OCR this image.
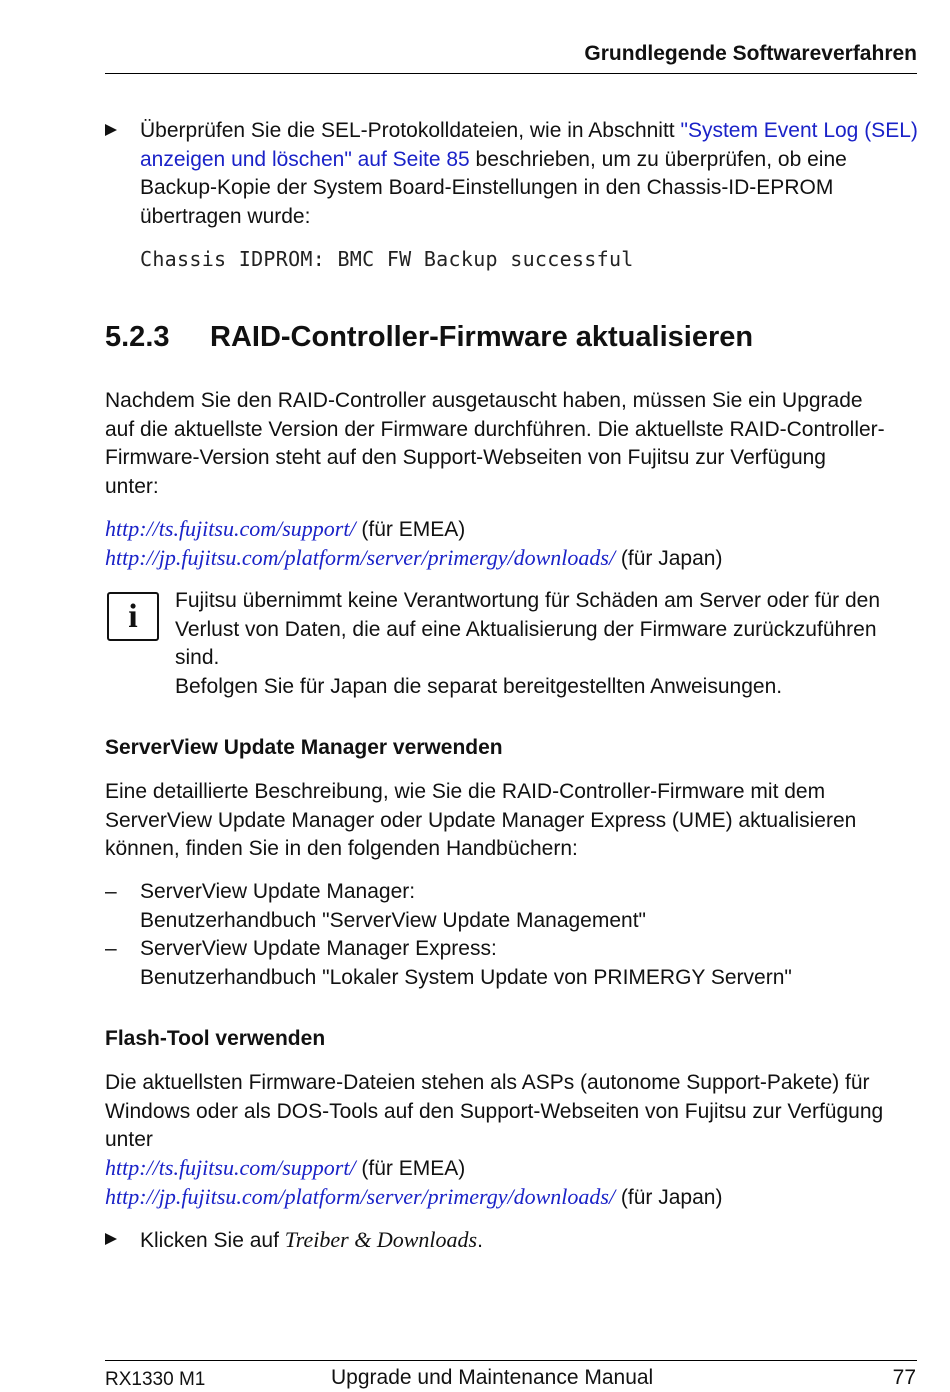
Grundlegende Softwareverfahren
Überprüfen Sie die SEL-Protokolldateien, wie in Abschnitt "System Event Log (SEL) anzeigen und löschen" auf Seite 85 beschrieben, um zu überprüfen, ob eine Backup-Kopie der System Board-Einstellungen in den Chassis-ID-EPROM übertragen wurde:
Chassis IDPROM: BMC FW Backup successful
5.2.3 RAID-Controller-Firmware aktualisieren
Nachdem Sie den RAID-Controller ausgetauscht haben, müssen Sie ein Upgrade auf die aktuellste Version der Firmware durchführen. Die aktuellste RAID-Controller-Firmware-Version steht auf den Support-Webseiten von Fujitsu zur Verfügung unter:
http://ts.fujitsu.com/support/ (für EMEA)
http://jp.fujitsu.com/platform/server/primergy/downloads/ (für Japan)
i	Fujitsu übernimmt keine Verantwortung für Schäden am Server oder für den Verlust von Daten, die auf eine Aktualisierung der Firmware zurückzuführen sind.
Befolgen Sie für Japan die separat bereitgestellten Anweisungen.
ServerView Update Manager verwenden
Eine detaillierte Beschreibung, wie Sie die RAID-Controller-Firmware mit dem ServerView Update Manager oder Update Manager Express (UME) aktualisieren können, finden Sie in den folgenden Handbüchern:
– ServerView Update Manager:
Benutzerhandbuch "ServerView Update Management"
– ServerView Update Manager Express:
Benutzerhandbuch "Lokaler System Update von PRIMERGY Servern"
Flash-Tool verwenden
Die aktuellsten Firmware-Dateien stehen als ASPs (autonome Support-Pakete) für Windows oder als DOS-Tools auf den Support-Webseiten von Fujitsu zur Verfügung unter
http://ts.fujitsu.com/support/ (für EMEA)
http://jp.fujitsu.com/platform/server/primergy/downloads/ (für Japan)
Klicken Sie auf Treiber & Downloads.
RX1330 M1	Upgrade und Maintenance Manual	77
